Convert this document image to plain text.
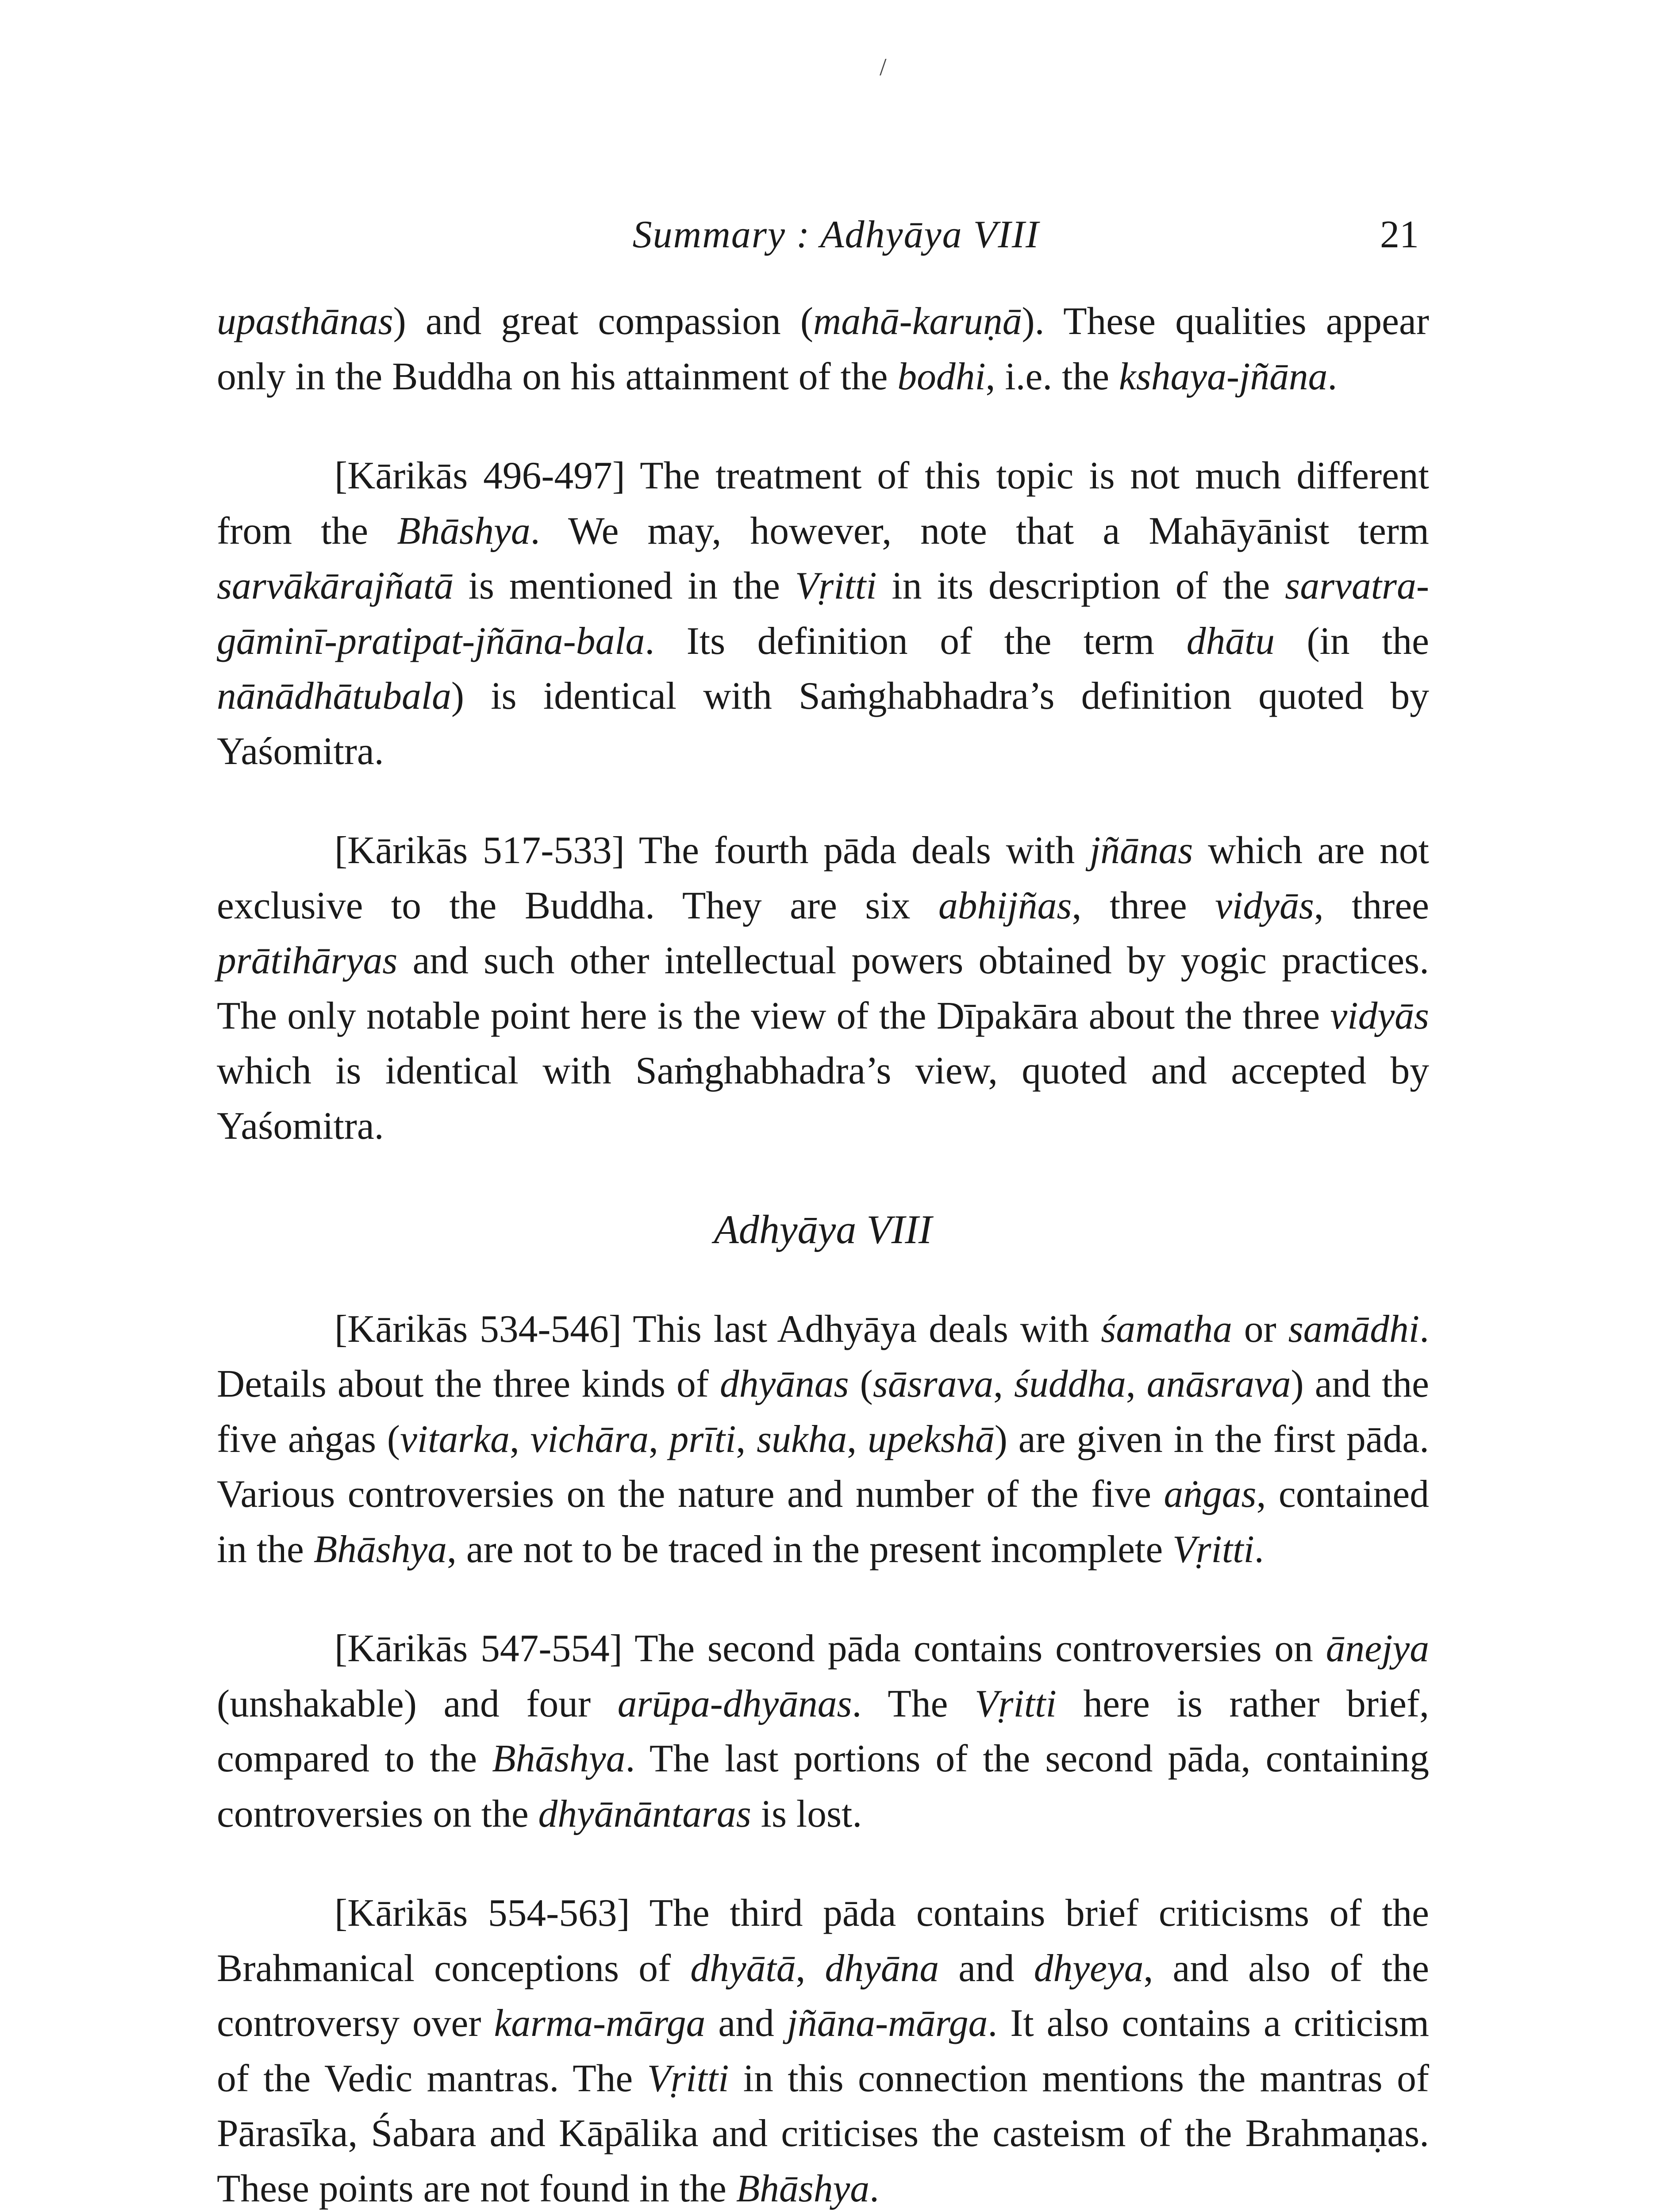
/
Summary : Adhyāya VIII	21

upasthānas) and great compassion (mahā-karuṇā). These qualities appear only in the Buddha on his attainment of the bodhi, i.e. the kshaya-jñāna.

[Kārikās 496-497] The treatment of this topic is not much different from the Bhāshya. We may, however, note that a Mahāyānist term sarvākārajñatā is mentioned in the Vṛitti in its description of the sarvatra-gāminī-pratipat-jñāna-bala. Its definition of the term dhātu (in the nānādhātubala) is identical with Saṁghabhadra’s definition quoted by Yaśomitra.

[Kārikās 517-533] The fourth pāda deals with jñānas which are not exclusive to the Buddha. They are six abhijñas, three vidyās, three prātihāryas and such other intellectual powers obtained by yogic practices. The only notable point here is the view of the Dīpakāra about the three vidyās which is identical with Saṁghabhadra’s view, quoted and accepted by Yaśomitra.

Adhyāya VIII

[Kārikās 534-546] This last Adhyāya deals with śamatha or samādhi. Details about the three kinds of dhyānas (sāsrava, śuddha, anāsrava) and the five aṅgas (vitarka, vichāra, prīti, sukha, upekshā) are given in the first pāda. Various controversies on the nature and number of the five aṅgas, contained in the Bhāshya, are not to be traced in the present incomplete Vṛitti.

[Kārikās 547-554] The second pāda contains controversies on ānejya (unshakable) and four arūpa-dhyānas. The Vṛitti here is rather brief, compared to the Bhāshya. The last portions of the second pāda, containing controversies on the dhyānāntaras is lost.

[Kārikās 554-563] The third pāda contains brief criticisms of the Brahmanical conceptions of dhyātā, dhyāna and dhyeya, and also of the controversy over karma-mārga and jñāna-mārga. It also contains a criticism of the Vedic mantras. The Vṛitti in this connection mentions the mantras of Pārasīka, Śabara and Kāpālika and criticises the casteism of the Brahmaṇas. These points are not found in the Bhāshya.
